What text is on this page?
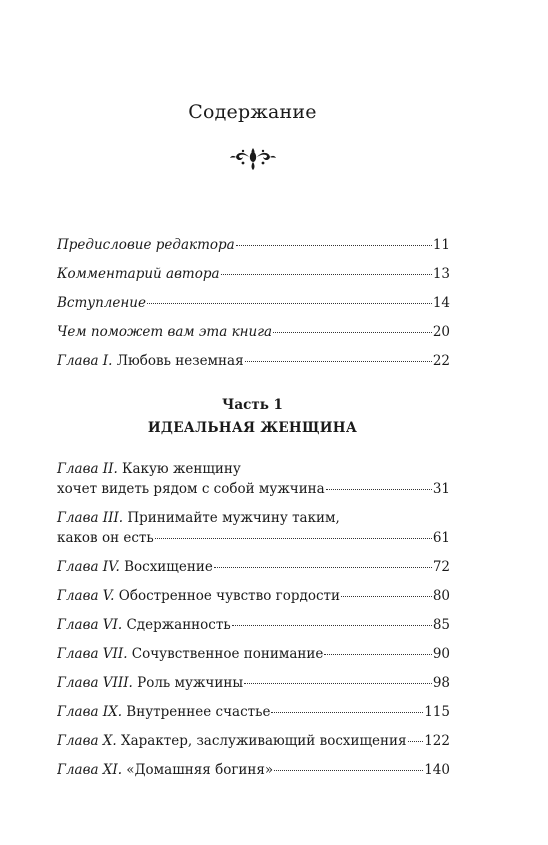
Содержание
Предисловие редактора	11
Комментарий автора	13
Вступление	14
Чем поможет вам эта книга	20
Глава I. Любовь неземная	22
Часть 1
ИДЕАЛЬНАЯ ЖЕНЩИНА
Глава II. Какую женщину
хочет видеть рядом с собой мужчина	31
Глава III. Принимайте мужчину таким,
каков он есть	61
Глава IV. Восхищение	72
Глава V. Обостренное чувство гордости	80
Глава VI. Сдержанность	85
Глава VII. Сочувственное понимание	90
Глава VIII. Роль мужчины	98
Глава IX. Внутреннее счастье	115
Глава X. Характер, заслуживающий восхищения 122
Глава XI. «Домашняя богиня»	140
